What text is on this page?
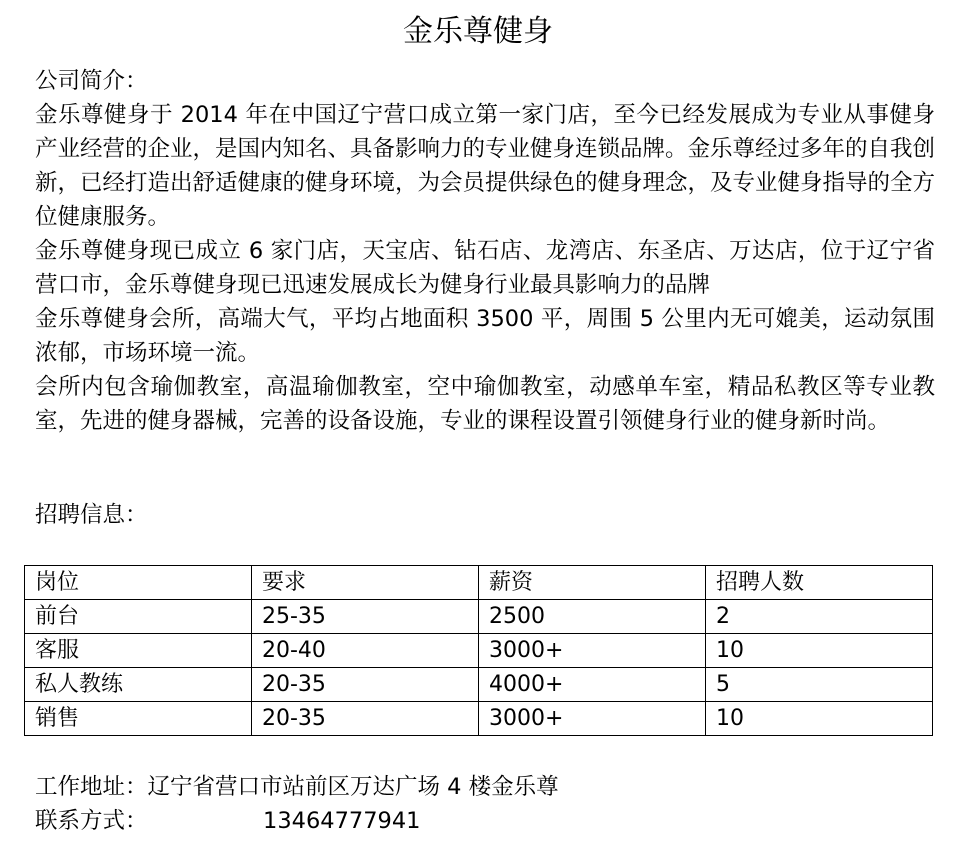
金乐尊健身

公司简介：

金乐尊健身于 2014 年在中国辽宁营口成立第一家门店，至今已经发展成为专业从事健身产业经营的企业，是国内知名、具备影响力的专业健身连锁品牌。金乐尊经过多年的自我创新，已经打造出舒适健康的健身环境，为会员提供绿色的健身理念，及专业健身指导的全方位健康服务。

金乐尊健身现已成立 6 家门店，天宝店、钻石店、龙湾店、东圣店、万达店，位于辽宁省营口市，金乐尊健身现已迅速发展成长为健身行业最具影响力的品牌

金乐尊健身会所，高端大气，平均占地面积 3500 平，周围 5 公里内无可媲美，运动氛围浓郁，市场环境一流。

会所内包含瑜伽教室，高温瑜伽教室，空中瑜伽教室，动感单车室，精品私教区等专业教室，先进的健身器械，完善的设备设施，专业的课程设置引领健身行业的健身新时尚。

招聘信息：
岗位	要求	薪资	招聘人数
前台	25-35	2500	2
客服	20-40	3000+	10
私人教练	20-35	4000+	5
销售	20-35	3000+	10
工作地址： 辽宁省营口市站前区万达广场 4 楼金乐尊
联系方式：	13464777941
